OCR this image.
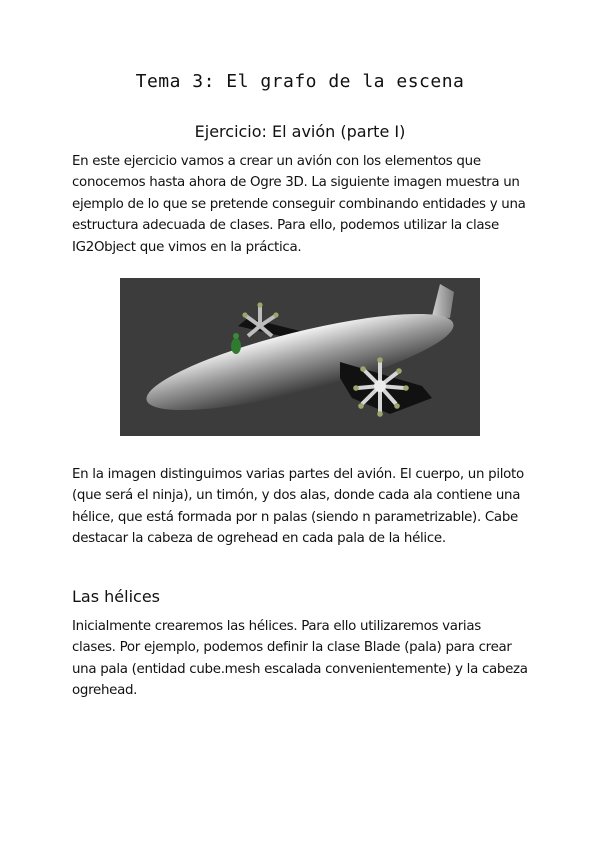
Tema 3: El grafo de la escena
Ejercicio: El avión (parte I)

En este ejercicio vamos a crear un avión con los elementos que
conocemos hasta ahora de Ogre 3D. La siguiente imagen muestra un
ejemplo de lo que se pretende conseguir combinando entidades y una
estructura adecuada de clases. Para ello, podemos utilizar la clase
IG2Object que vimos en la práctica.

En la imagen distinguimos varias partes del avión. El cuerpo, un piloto
(que será el ninja), un timón, y dos alas, donde cada ala contiene una
hélice, que está formada por n palas (siendo n parametrizable). Cabe
destacar la cabeza de ogrehead en cada pala de la hélice.

Las hélices

Inicialmente crearemos las hélices. Para ello utilizaremos varias
clases. Por ejemplo, podemos definir la clase Blade (pala) para crear
una pala (entidad cube.mesh escalada convenientemente) y la cabeza
ogrehead.
